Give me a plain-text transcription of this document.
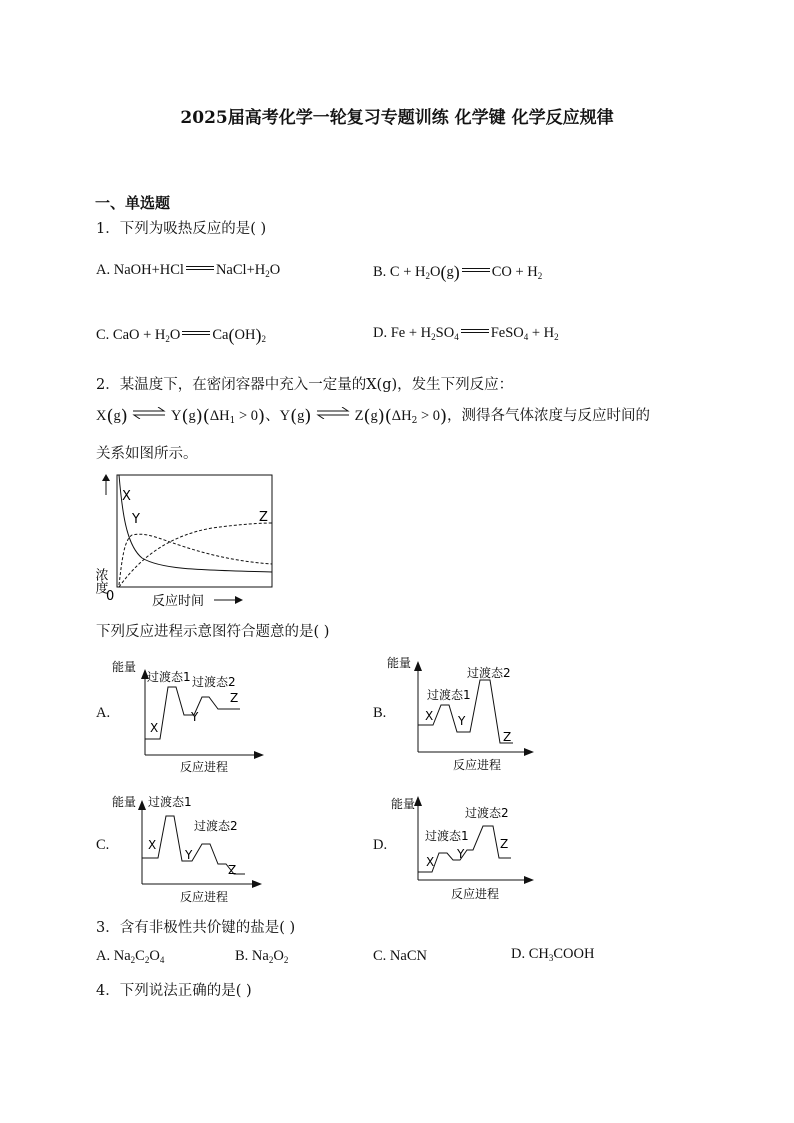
2025届高考化学一轮复习专题训练 化学键 化学反应规律
一、单选题
1．下列为吸热反应的是( )
A. NaOH+HCl $NaCl+H_2O$	B. $C + H_2O(g)$ CO + $H_2$
C. CaO + $H_2O$ $Ca(OH)_2$	D. $Fe + H_2SO_4$ FeSO$_4$ + $H_2$
2．某温度下，在密闭容器中充入一定量的X(g)，发生下列反应：
X(g) ⇌ $Y(g)(\Delta H_1 > 0)$、Y(g) ⇌ $Z(g)(\Delta H_2 > 0)$，测得各气体浓度与反应时间的
关系如图所示。
浓度
X
Y	Z
0	反应时间
下列反应进程示意图符合题意的是( )
A.
能量
过渡态1 过渡态2
X
Y
Z
反应进程
B.
能量
过渡态1
过渡态2
X Y
Z
反应进程
C.
能量 过渡态1
过渡态2
X
Y
Z
反应进程
D.
能量
过渡态1
过渡态2
X
Y
Z
反应进程
3．含有非极性共价键的盐是( )
A. $Na_2C_2O_4$	B. $Na_2O_2$	C. NaCN	D. $CH_3COOH$
4．下列说法正确的是( )
